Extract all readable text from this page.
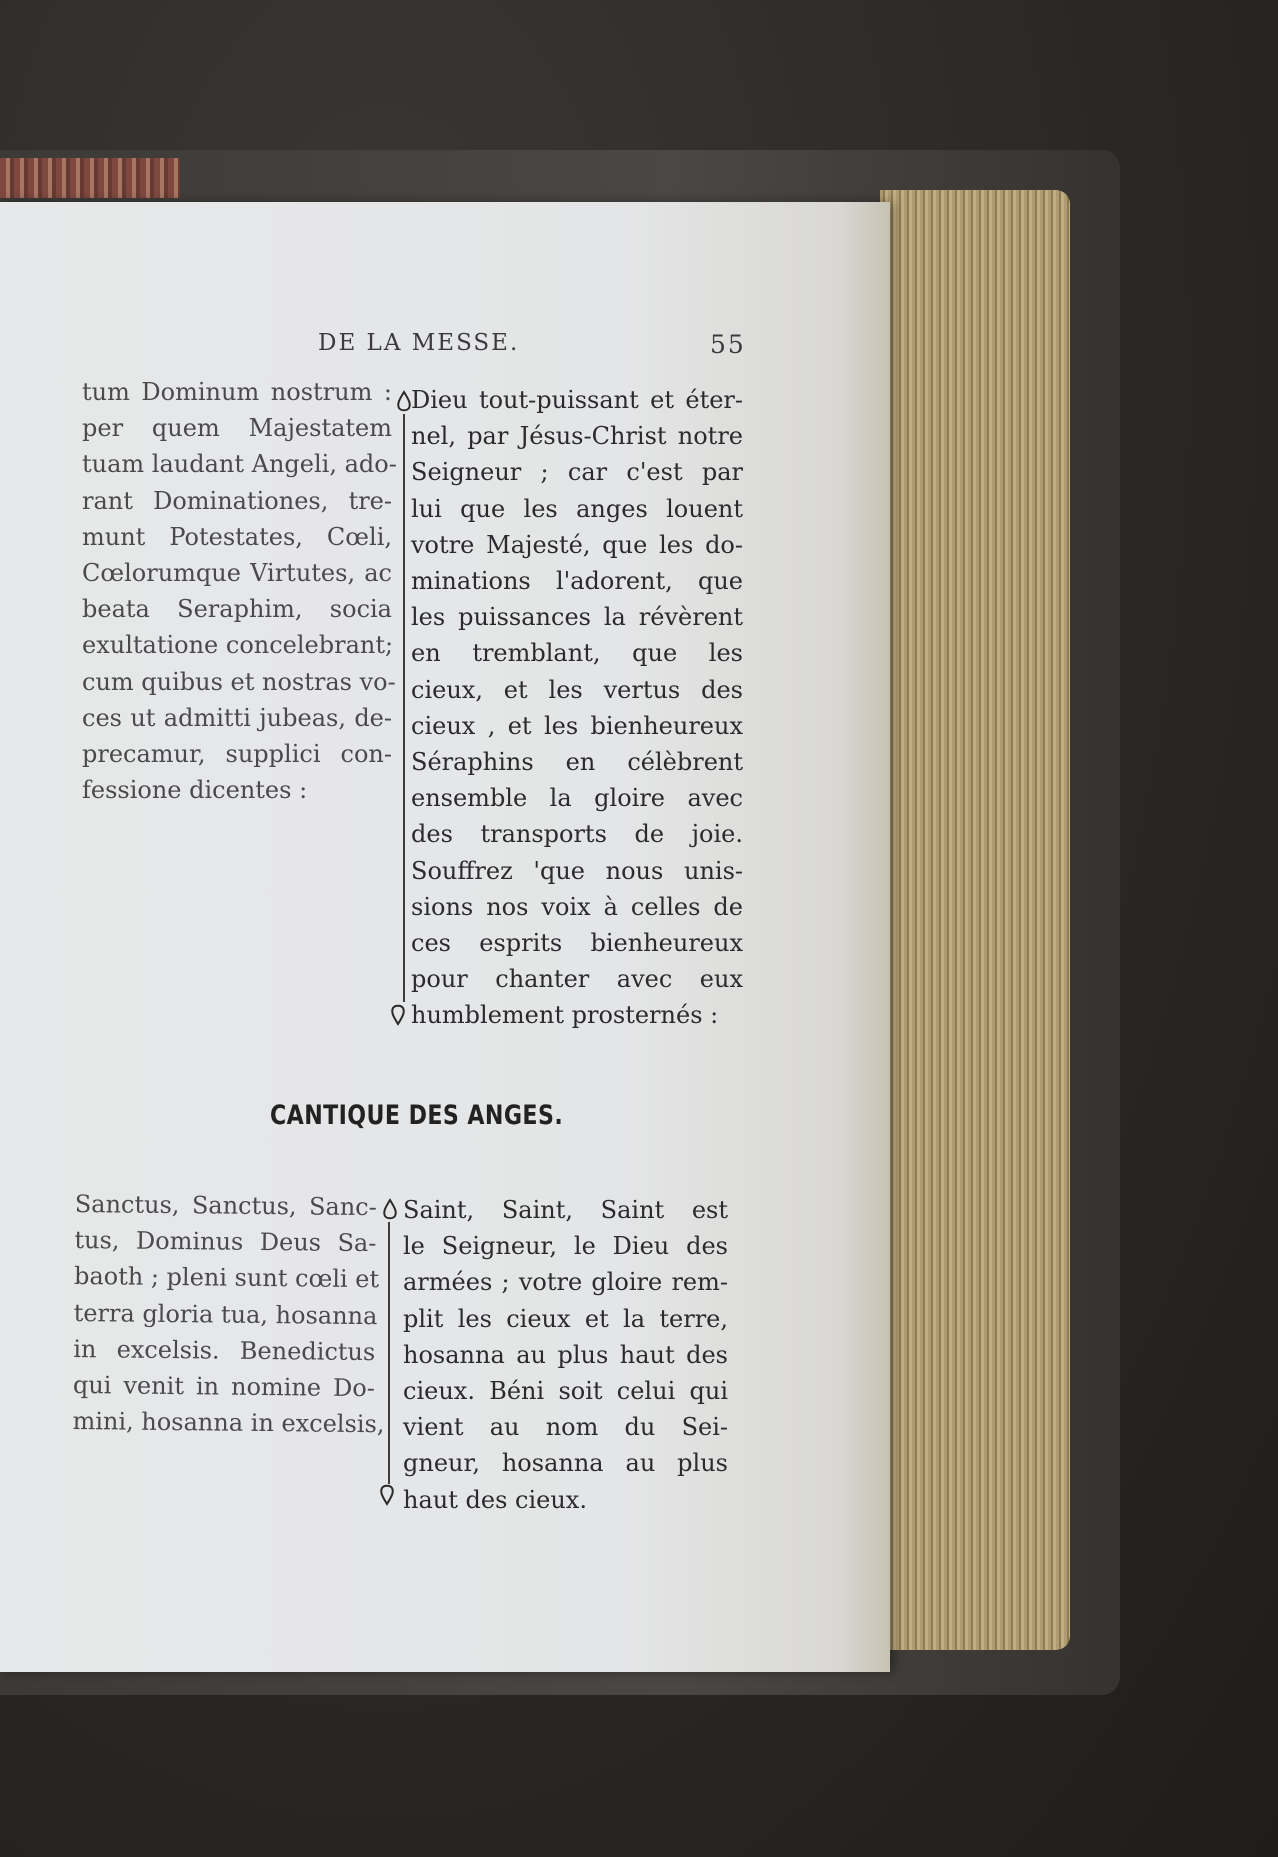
DE LA MESSE.	55
tum Dominum nostrum :
per quem Majestatem
tuam laudant Angeli, ado-
rant Dominationes, tre-
munt Potestates, Cœli,
Cœlorumque Virtutes, ac
beata Seraphim, socia
exultatione concelebrant;
cum quibus et nostras vo-
ces ut admitti jubeas, de-
precamur, supplici con-
fessione dicentes :
Dieu tout-puissant et éter-
nel, par Jésus-Christ notre
Seigneur ; car c'est par
lui que les anges louent
votre Majesté, que les do-
minations l'adorent, que
les puissances la révèrent
en tremblant, que les
cieux, et les vertus des
cieux , et les bienheureux
Séraphins en célèbrent
ensemble la gloire avec
des transports de joie.
Souffrez 'que nous unis-
sions nos voix à celles de
ces esprits bienheureux
pour chanter avec eux
humblement prosternés :
CANTIQUE DES ANGES.
Sanctus, Sanctus, Sanc-
tus, Dominus Deus Sa-
baoth ; pleni sunt cœli et
terra gloria tua, hosanna
in excelsis. Benedictus
qui venit in nomine Do-
mini, hosanna in excelsis,
Saint, Saint, Saint est
le Seigneur, le Dieu des
armées ; votre gloire rem-
plit les cieux et la terre,
hosanna au plus haut des
cieux. Béni soit celui qui
vient au nom du Sei-
gneur, hosanna au plus
haut des cieux.
